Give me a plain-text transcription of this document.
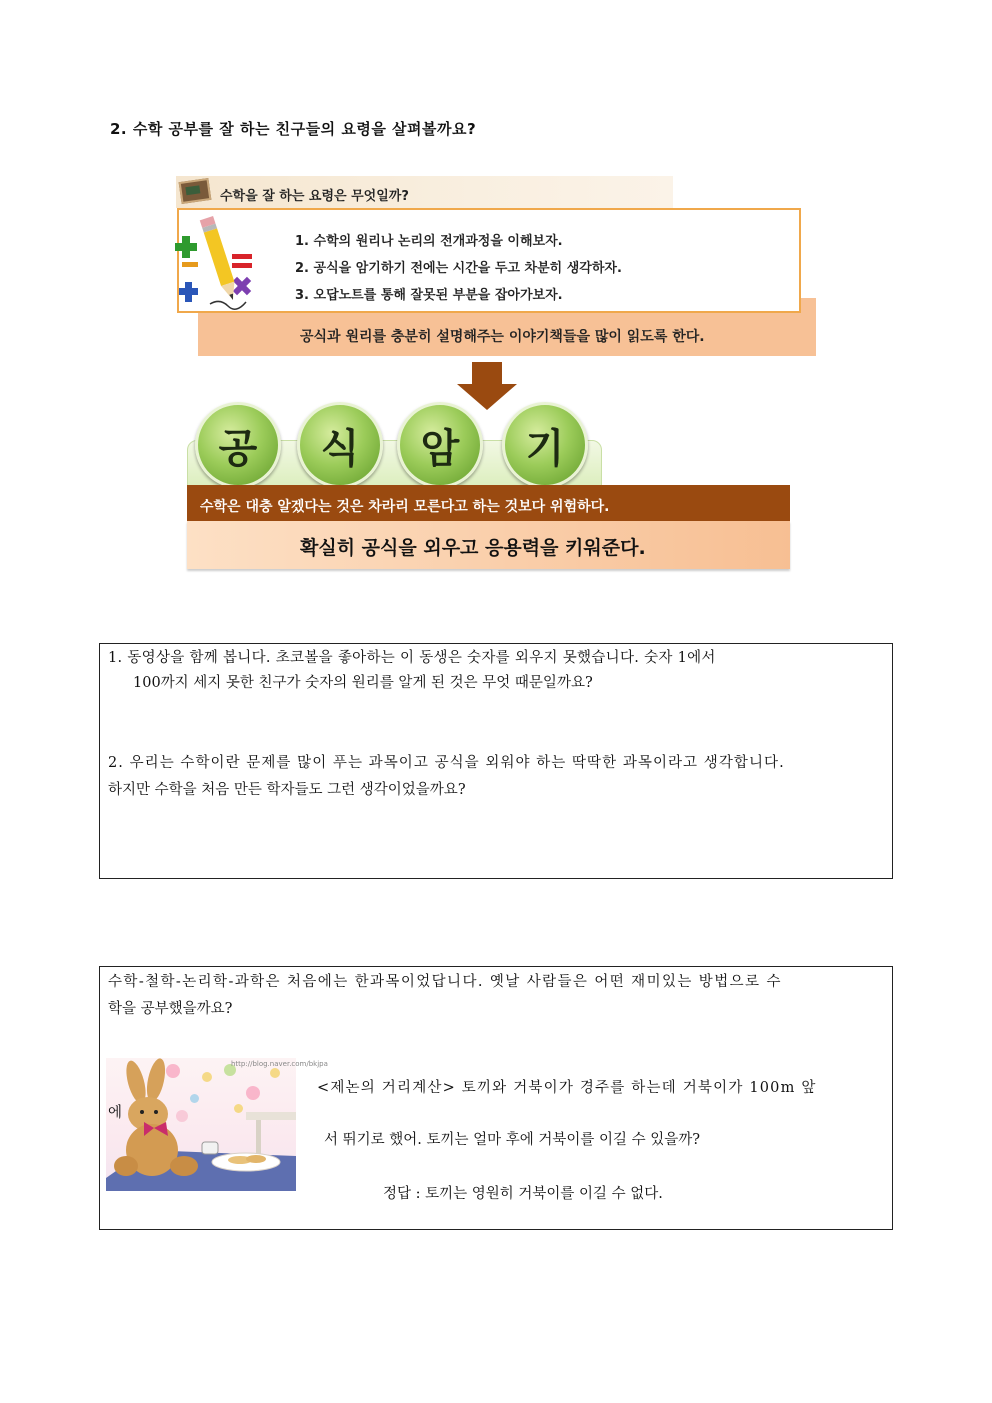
2. 수학 공부를 잘 하는 친구들의 요령을 살펴볼까요?
수학을 잘 하는 요령은 무엇일까?
1. 수학의 원리나 논리의 전개과정을 이해보자.
2. 공식을 암기하기 전에는 시간을 두고 차분히 생각하자.
3. 오답노트를 통해 잘못된 부분을 잡아가보자.
공식과 원리를 충분히 설명해주는 이야기책들을 많이 읽도록 한다.
공	식	암	기
수학은 대충 알겠다는 것은 차라리 모른다고 하는 것보다 위험하다.
확실히 공식을 외우고 응용력을 키워준다.
1. 동영상을 함께 봅니다. 초코볼을 좋아하는 이 동생은 숫자를 외우지 못했습니다. 숫자 1에서
100까지 세지 못한 친구가 숫자의 원리를 알게 된 것은 무엇 때문일까요?
2. 우리는 수학이란 문제를 많이 푸는 과목이고 공식을 외워야 하는 딱딱한 과목이라고 생각합니다.
하지만 수학을 처음 만든 학자들도 그런 생각이었을까요?
수학-철학-논리학-과학은 처음에는 한과목이었답니다. 옛날 사람들은 어떤 재미있는 방법으로 수
학을 공부했을까요?
http://blog.naver.com/bkjpa
<제논의 거리계산> 토끼와 거북이가 경주를 하는데 거북이가 100m 앞
에
서 뛰기로 했어. 토끼는 얼마 후에 거북이를 이길 수 있을까?
정답 : 토끼는 영원히 거북이를 이길 수 없다.
